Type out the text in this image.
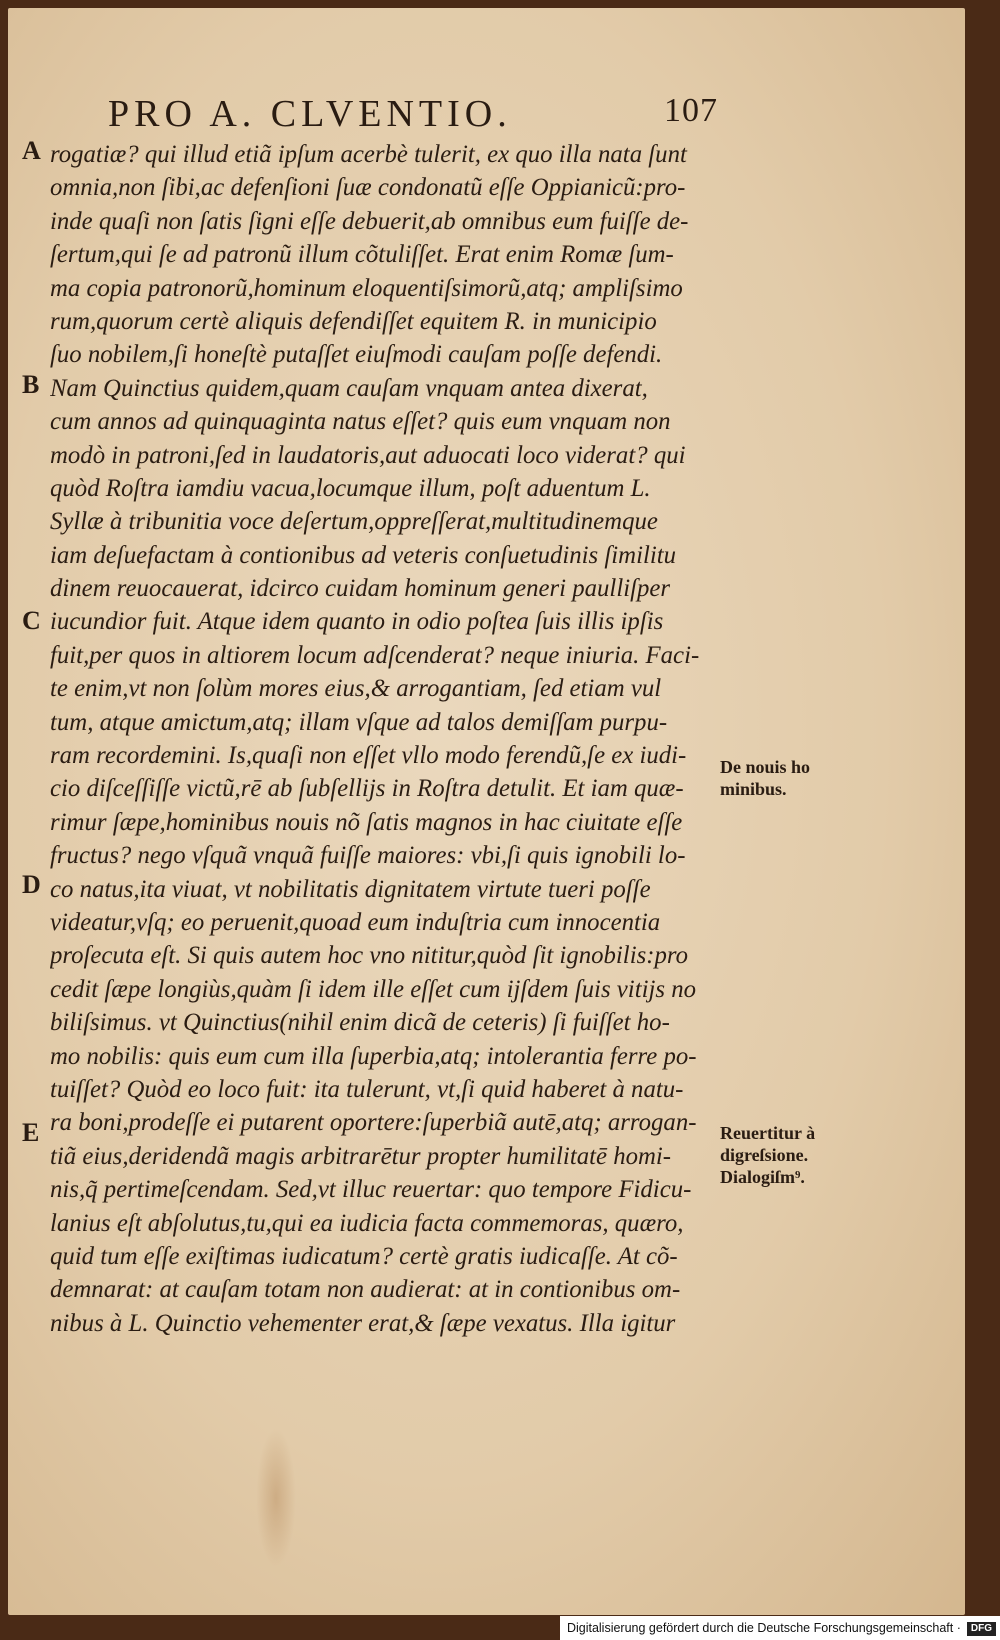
PRO A. CLVENTIO.	107
A
B
C
D
E
rogatiæ? qui illud etiã ipſum acerbè tulerit, ex quo illa nata ſunt
omnia,non ſibi,ac defenſioni ſuæ condonatũ eſſe Oppianicũ:pro-
inde quaſi non ſatis ſigni eſſe debuerit,ab omnibus eum fuiſſe de-
ſertum,qui ſe ad patronũ illum cõtuliſſet. Erat enim Romæ ſum-
ma copia patronorũ,hominum eloquentiſsimorũ,atq; ampliſsimo
rum,quorum certè aliquis defendiſſet equitem R. in municipio
ſuo nobilem,ſi honeſtè putaſſet eiuſmodi cauſam poſſe defendi.
Nam Quinctius quidem,quam cauſam vnquam antea dixerat,
cum annos ad quinquaginta natus eſſet? quis eum vnquam non
modò in patroni,ſed in laudatoris,aut aduocati loco viderat? qui
quòd Roſtra iamdiu vacua,locumque illum, poſt aduentum L.
Syllæ à tribunitia voce deſertum,oppreſſerat,multitudinemque
iam deſuefactam à contionibus ad veteris conſuetudinis ſimilitu
dinem reuocauerat, idcirco cuidam hominum generi paulliſper
iucundior fuit. Atque idem quanto in odio poſtea ſuis illis ipſis
fuit,per quos in altiorem locum adſcenderat? neque iniuria. Faci-
te enim,vt non ſolùm mores eius,& arrogantiam, ſed etiam vul
tum, atque amictum,atq; illam vſque ad talos demiſſam purpu-
ram recordemini. Is,quaſi non eſſet vllo modo ferendũ,ſe ex iudi-
cio diſceſſiſſe victũ,rē ab ſubſellijs in Roſtra detulit. Et iam quæ-
rimur ſæpe,hominibus nouis nõ ſatis magnos in hac ciuitate eſſe
fructus? nego vſquã vnquã fuiſſe maiores: vbi,ſi quis ignobili lo-
co natus,ita viuat, vt nobilitatis dignitatem virtute tueri poſſe
videatur,vſq; eo peruenit,quoad eum induſtria cum innocentia
proſecuta eſt. Si quis autem hoc vno nititur,quòd ſit ignobilis:pro
cedit ſæpe longiùs,quàm ſi idem ille eſſet cum ijſdem ſuis vitijs no
biliſsimus. vt Quinctius(nihil enim dicã de ceteris) ſi fuiſſet ho-
mo nobilis: quis eum cum illa ſuperbia,atq; intolerantia ferre po-
tuiſſet? Quòd eo loco fuit: ita tulerunt, vt,ſi quid haberet à natu-
ra boni,prodeſſe ei putarent oportere:ſuperbiã autē,atq; arrogan-
tiã eius,deridendã magis arbitrarētur propter humilitatē homi-
nis,q̃ pertimeſcendam. Sed,vt illuc reuertar: quo tempore Fidicu-
lanius eſt abſolutus,tu,qui ea iudicia facta commemoras, quæro,
quid tum eſſe exiſtimas iudicatum? certè gratis iudicaſſe. At cõ-
demnarat: at cauſam totam non audierat: at in contionibus om-
nibus à L. Quinctio vehementer erat,& ſæpe vexatus. Illa igitur
De nouis ho
minibus.
Reuertitur à
digreſsione.
Dialogiſm⁹.
Digitalisierung gefördert durch die Deutsche Forschungsgemeinschaft · DFG
